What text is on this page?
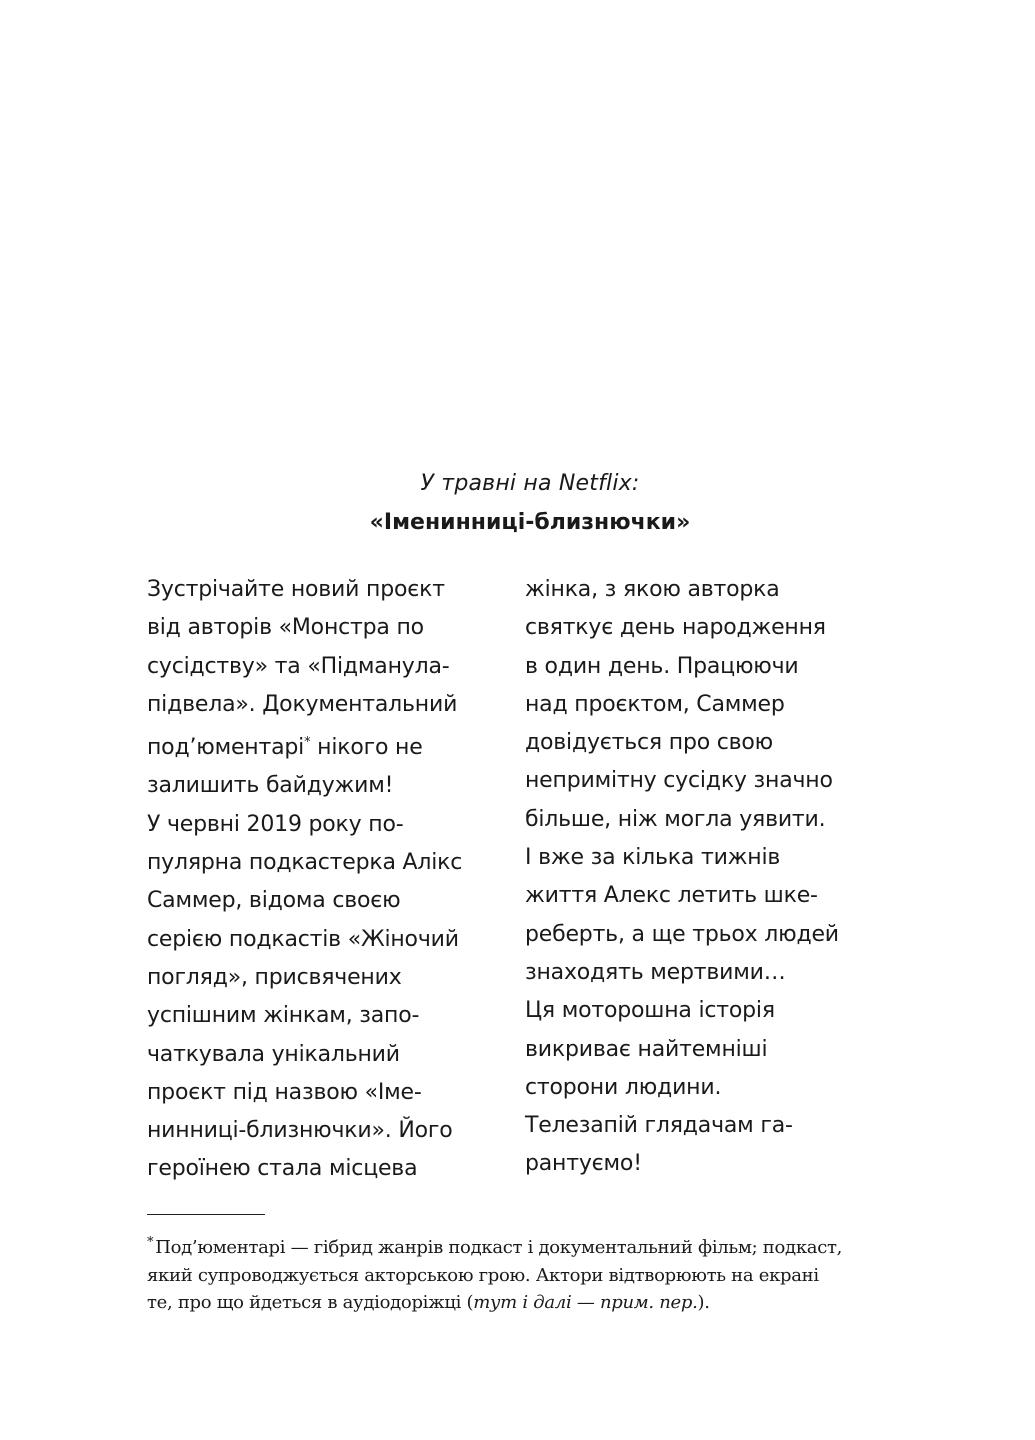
У травні на Netflix:
«Іменинниці-близнючки»
Зустрічайте новий проєкт
від авторів «Монстра по
сусідству» та «Підманула-
підвела». Документальний
под’юментарі* нікого не
залишить байдужим!
У червні 2019 року по-
пулярна подкастерка Алікс
Саммер, відома своєю
серією подкастів «Жіночий
погляд», присвячених
успішним жінкам, запо-
чаткувала унікальний
проєкт під назвою «Іме-
нинниці-близнючки». Його
героїнею стала місцева
жінка, з якою авторка
святкує день народження
в один день. Працюючи
над проєктом, Саммер
довідується про свою
непримітну сусідку значно
більше, ніж могла уявити.
І вже за кілька тижнів
життя Алекс летить шке-
реберть, а ще трьох людей
знаходять мертвими…
Ця моторошна історія
викриває найтемніші
сторони людини.
Телезапій глядачам га-
рантуємо!
* Под’юментарі — гібрид жанрів подкаст і документальний фільм; подкаст,
який супроводжується акторською грою. Актори відтворюють на екрані
те, про що йдеться в аудіодоріжці (тут і далі — прим. пер.).
